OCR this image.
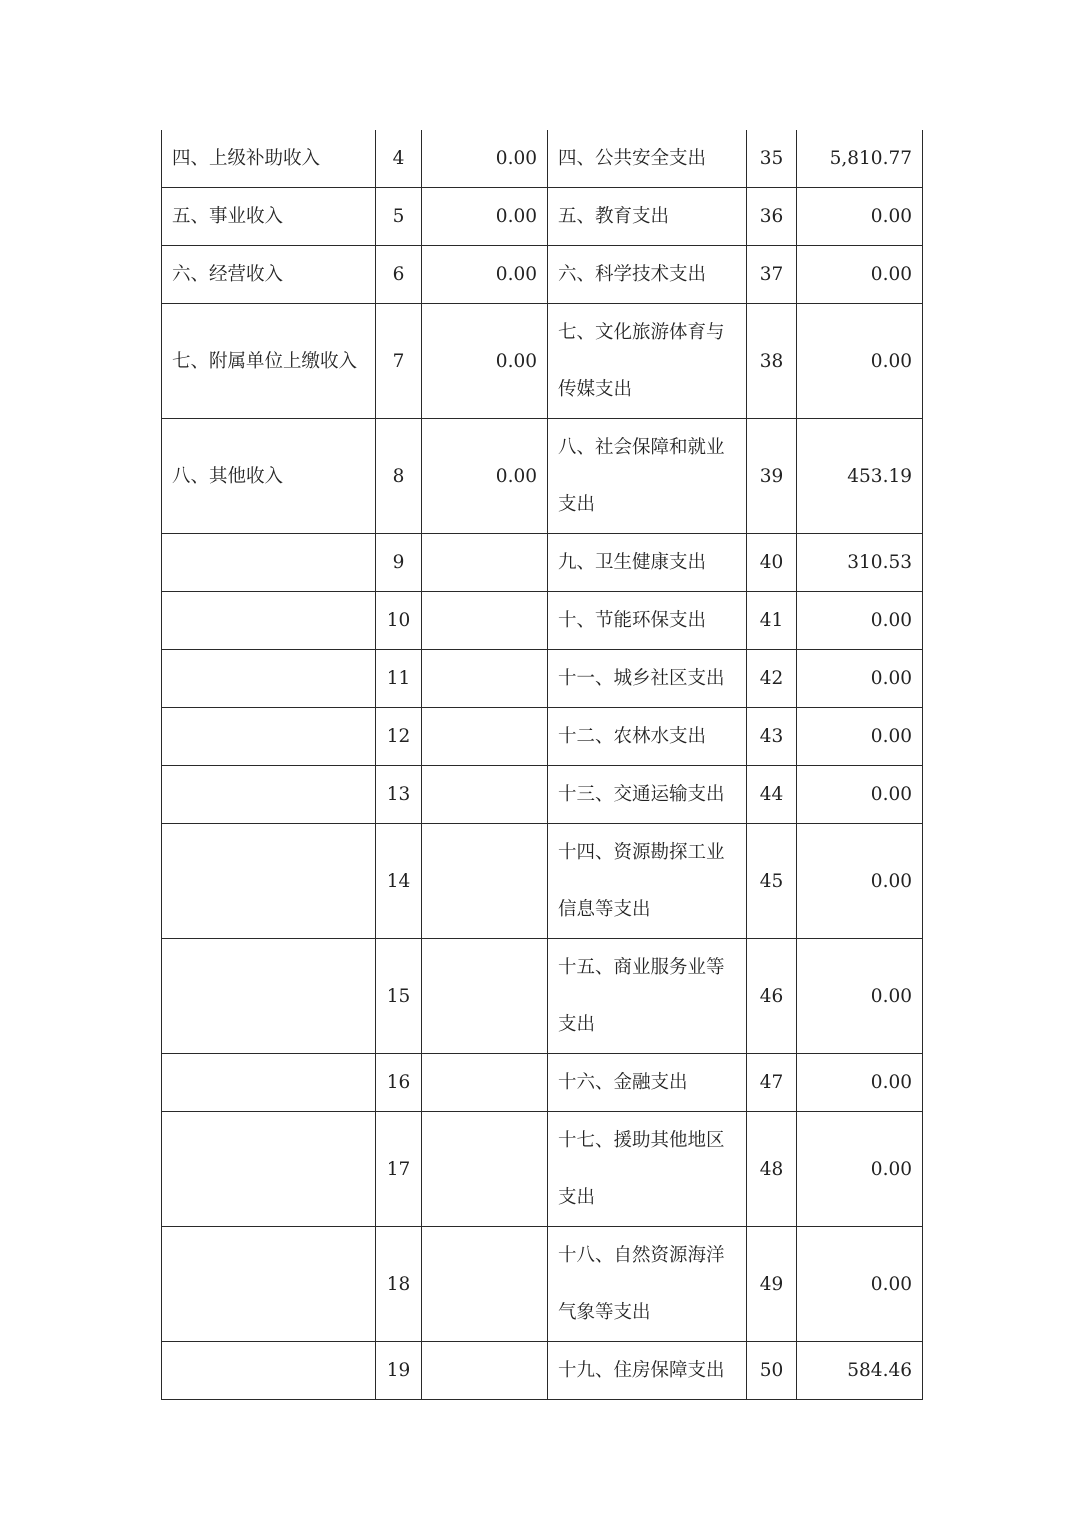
四、上级补助收入	4	0.00	四、公共安全支出	35	5,810.77
五、事业收入	5	0.00	五、教育支出	36	0.00
六、经营收入	6	0.00	六、科学技术支出	37	0.00
七、附属单位上缴收入	7	0.00	七、文化旅游体育与传媒支出	38	0.00
八、其他收入	8	0.00	八、社会保障和就业支出	39	453.19
	9		九、卫生健康支出	40	310.53
	10		十、节能环保支出	41	0.00
	11		十一、城乡社区支出	42	0.00
	12		十二、农林水支出	43	0.00
	13		十三、交通运输支出	44	0.00
	14		十四、资源勘探工业信息等支出	45	0.00
	15		十五、商业服务业等支出	46	0.00
	16		十六、金融支出	47	0.00
	17		十七、援助其他地区支出	48	0.00
	18		十八、自然资源海洋气象等支出	49	0.00
	19		十九、住房保障支出	50	584.46
